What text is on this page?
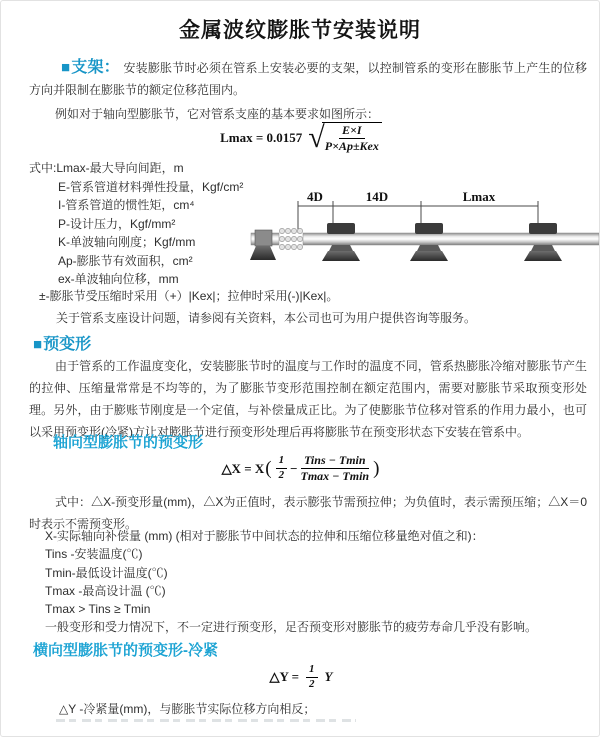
金属波纹膨胀节安装说明
■支架： 安装膨胀节时必须在管系上安装必要的支架，以控制管系的变形在膨胀节上产生的位移方向并限制在膨胀节的额定位移范围内。
例如对于轴向型膨胀节，它对管系支座的基本要求如图所示：
Lmax = 0.0157 √
$\frac{E\times I}{\text{P×Ap±Kex}}$
式中:Lmax-最大导向间距，m
E-管系管道材料弹性投量，Kgf/cm²
I-管系管道的惯性矩，cm⁴
P-设计压力，Kgf/mm²
K-单波轴向刚度；Kgf/mm
Ap-膨胀节有效面积，cm²
ex-单波轴向位移，mm
±-膨胀节受压缩时采用（+）|Kex|；拉伸时采用(-)|Kex|。
关于管系支座设计问题，请参阅有关资料，本公司也可为用户提供咨询等服务。
4D	14D	Lmax
■预变形
由于管系的工作温度变化，安装膨胀节时的温度与工作时的温度不同，管系热膨胀冷缩对膨胀节产生的拉伸、压缩量常常是不均等的，为了膨胀节变形范围控制在额定范围内，需要对膨胀节采取预变形处理。另外，由于膨账节刚度是一个定值，与补偿量成正比。为了使膨胀节位移对管系的作用力最小，也可以采用预变形(冷紧)方让对膨胀节进行预变形处理后再将膨胀节在预变形状态下安装在管系中。
轴向型膨胀节的预变形
△X = X ( $\frac{1}{2} - \frac{\text{Tins − Tmin}}{Tmax - Tmin}$ )
式中：△X-预变形量(mm)，△X为正值时，表示膨张节需预拉伸；为负值时，表示需预压缩；△X＝0时表示不需预变形。
X-实际轴向补偿量 (mm) (相对于膨胀节中间状态的拉伸和压缩位移量绝对值之和)：
Tins -安装温度(℃)
Tmin-最低设计温度(℃)
Tmax -最高设计温 (℃)
Tmax > Tins ≥ Tmin
一般变形和受力情况下，不一定进行预变形，足否预变形对膨胀节的疲劳寿命几乎没有影响。
横向型膨胀节的预变形-冷紧
△Y = $\frac{1}{2}$ Y
△Y -冷紧量(mm)，与膨胀节实际位移方向相反；
